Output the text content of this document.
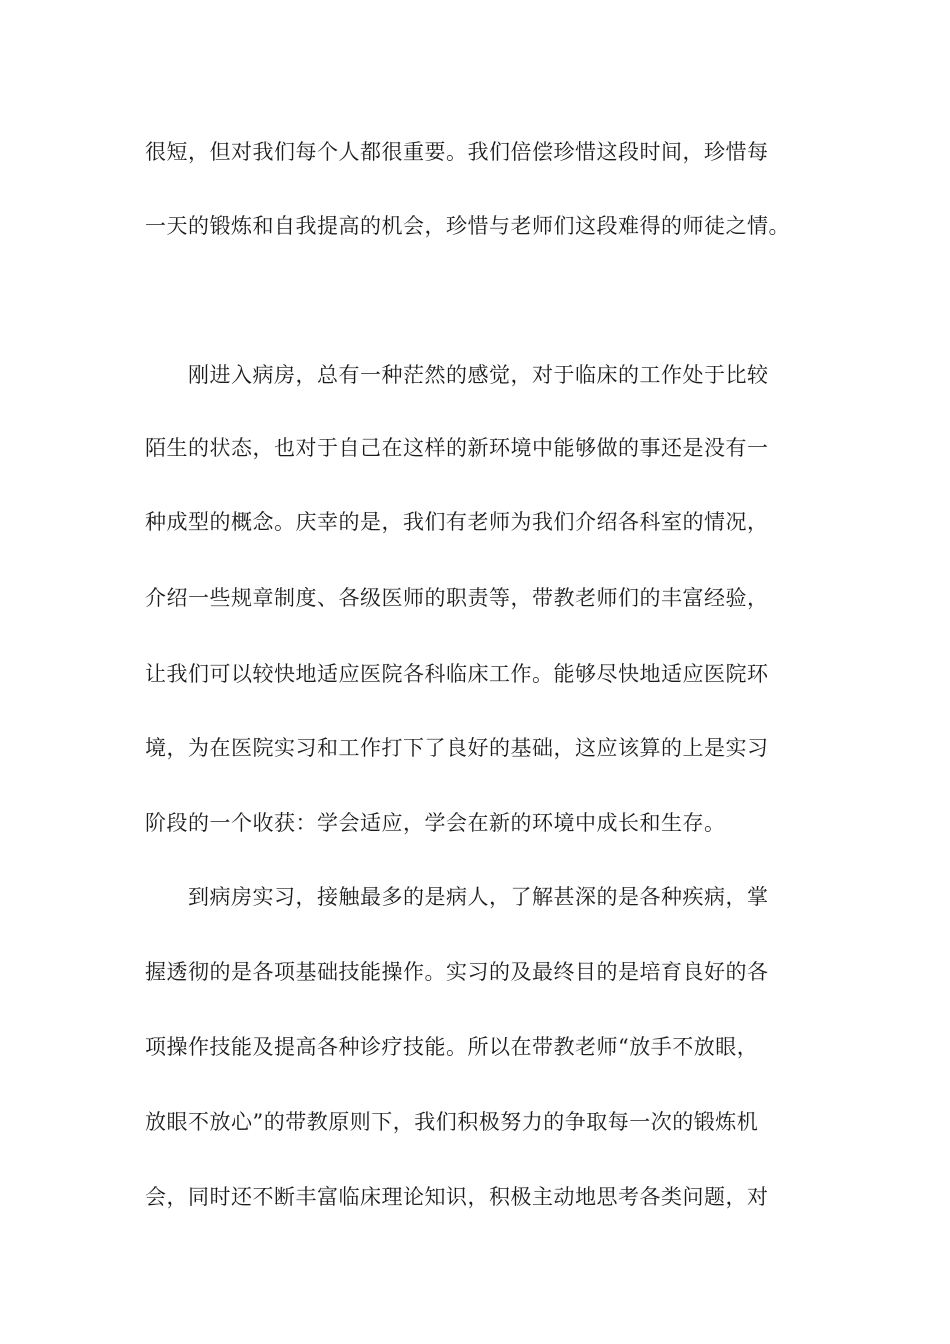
很短，但对我们每个人都很重要。我们倍偿珍惜这段时间，珍惜每

一天的锻炼和自我提高的机会，珍惜与老师们这段难得的师徒之情。

刚进入病房，总有一种茫然的感觉，对于临床的工作处于比较

陌生的状态，也对于自己在这样的新环境中能够做的事还是没有一

种成型的概念。庆幸的是，我们有老师为我们介绍各科室的情况，

介绍一些规章制度、各级医师的职责等，带教老师们的丰富经验，

让我们可以较快地适应医院各科临床工作。能够尽快地适应医院环

境，为在医院实习和工作打下了良好的基础，这应该算的上是实习

阶段的一个收获：学会适应，学会在新的环境中成长和生存。

到病房实习，接触最多的是病人，了解甚深的是各种疾病，掌

握透彻的是各项基础技能操作。实习的及最终目的是培育良好的各

项操作技能及提高各种诊疗技能。所以在带教老师“放手不放眼，

放眼不放心”的带教原则下，我们积极努力的争取每一次的锻炼机

会，同时还不断丰富临床理论知识，积极主动地思考各类问题，对
